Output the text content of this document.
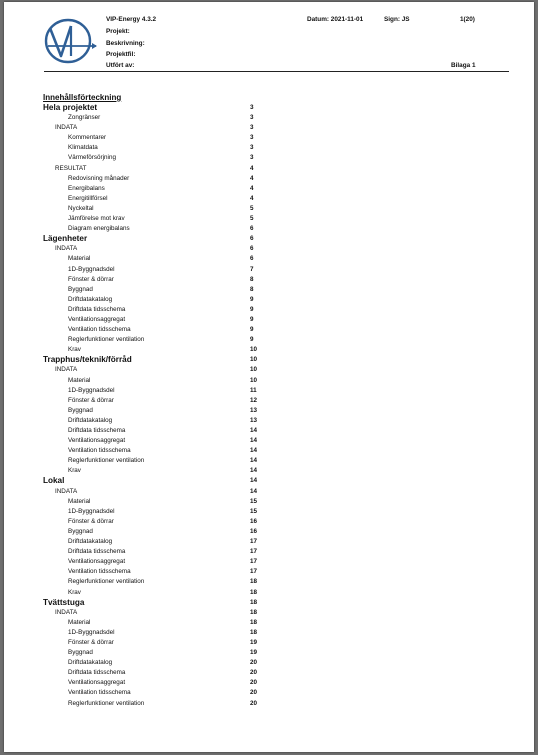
VIP-Energy 4.3.2	Datum: 2021-11-01	Sign: JS	1(20)
Projekt:
Beskrivning:
Projektfil:
Utfört av:	Bilaga 1
Innehållsförteckning
Hela projektet	3
Zongränser	3
INDATA	3
Kommentarer	3
Klimatdata	3
Värmeförsörjning	3
RESULTAT	4
Redovisning månader	4
Energibalans	4
Energitillförsel	4
Nyckeltal	5
Jämförelse mot krav	5
Diagram energibalans	6
Lägenheter	6
INDATA	6
Material	6
1D-Byggnadsdel	7
Fönster & dörrar	8
Byggnad	8
Driftdatakatalog	9
Driftdata tidsschema	9
Ventilationsaggregat	9
Ventilation tidsschema	9
Reglerfunktioner ventilation	9
Krav	10
Trapphus/teknik/förråd	10
INDATA	10
Material	10
1D-Byggnadsdel	11
Fönster & dörrar	12
Byggnad	13
Driftdatakatalog	13
Driftdata tidsschema	14
Ventilationsaggregat	14
Ventilation tidsschema	14
Reglerfunktioner ventilation	14
Krav	14
Lokal	14
INDATA	14
Material	15
1D-Byggnadsdel	15
Fönster & dörrar	16
Byggnad	16
Driftdatakatalog	17
Driftdata tidsschema	17
Ventilationsaggregat	17
Ventilation tidsschema	17
Reglerfunktioner ventilation	18
Krav	18
Tvättstuga	18
INDATA	18
Material	18
1D-Byggnadsdel	18
Fönster & dörrar	19
Byggnad	19
Driftdatakatalog	20
Driftdata tidsschema	20
Ventilationsaggregat	20
Ventilation tidsschema	20
Reglerfunktioner ventilation	20
